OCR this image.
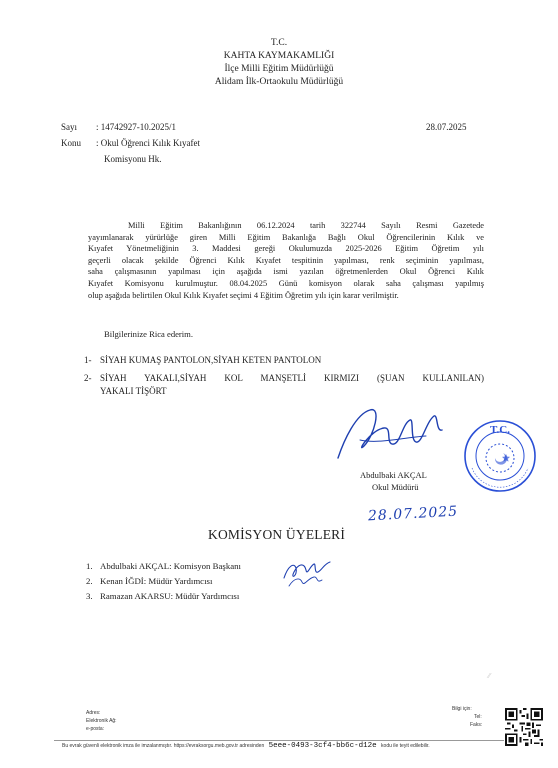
T.C.
KAHTA KAYMAKAMLIĞI
İlçe Milli Eğitim Müdürlüğü
Alidam İlk-Ortaokulu Müdürlüğü
Sayı : 14742927-10.2025/1	28.07.2025
Konu : Okul Öğrenci Kılık Kıyafet
Komisyonu Hk.
Milli Eğitim Bakanlığının 06.12.2024 tarih 322744 Sayılı Resmi Gazetede
yayımlanarak yürürlüğe giren Milli Eğitim Bakanlığa Bağlı Okul Öğrencilerinin Kılık ve
Kıyafet Yönetmeliğinin 3. Maddesi gereği Okulumuzda 2025-2026 Eğitim Öğretim yılı
geçerli olacak şekilde Öğrenci Kılık Kıyafet tespitinin yapılması, renk seçiminin yapılması,
saha çalışmasının yapılması için aşağıda ismi yazılan öğretmenlerden Okul Öğrenci Kılık
Kıyafet Komisyonu kurulmuştur. 08.04.2025 Günü komisyon olarak saha çalışması yapılmış
olup aşağıda belirtilen Okul Kılık Kıyafet seçimi 4 Eğitim Öğretim yılı için karar verilmiştir.
Bilgilerinize Rica ederim.
1- SİYAH KUMAŞ PANTOLON,SİYAH KETEN PANTOLON
2- SİYAH YAKALI,SİYAH KOL MANŞETLİ KIRMIZI (ŞUAN KULLANILAN)
YAKALI TİŞÖRT
T.C.
Abdulbaki AKÇAL
Okul Müdürü
28.07.2025
KOMİSYON ÜYELERİ
1. Abdulbaki AKÇAL: Komisyon Başkanı
2. Kenan İĞDİ: Müdür Yardımcısı
3. Ramazan AKARSU: Müdür Yardımcısı
⁄⁄
Adres:
Elektronik Ağ:
e-posta:
Bilgi için:
Tel:
Faks:
Bu evrak güvenli elektronik imza ile imzalanmıştır. https://evraksorgu.meb.gov.tr adresinden 5eee-0493-3cf4-bb6c-d12e kodu ile teyit edilebilir.
